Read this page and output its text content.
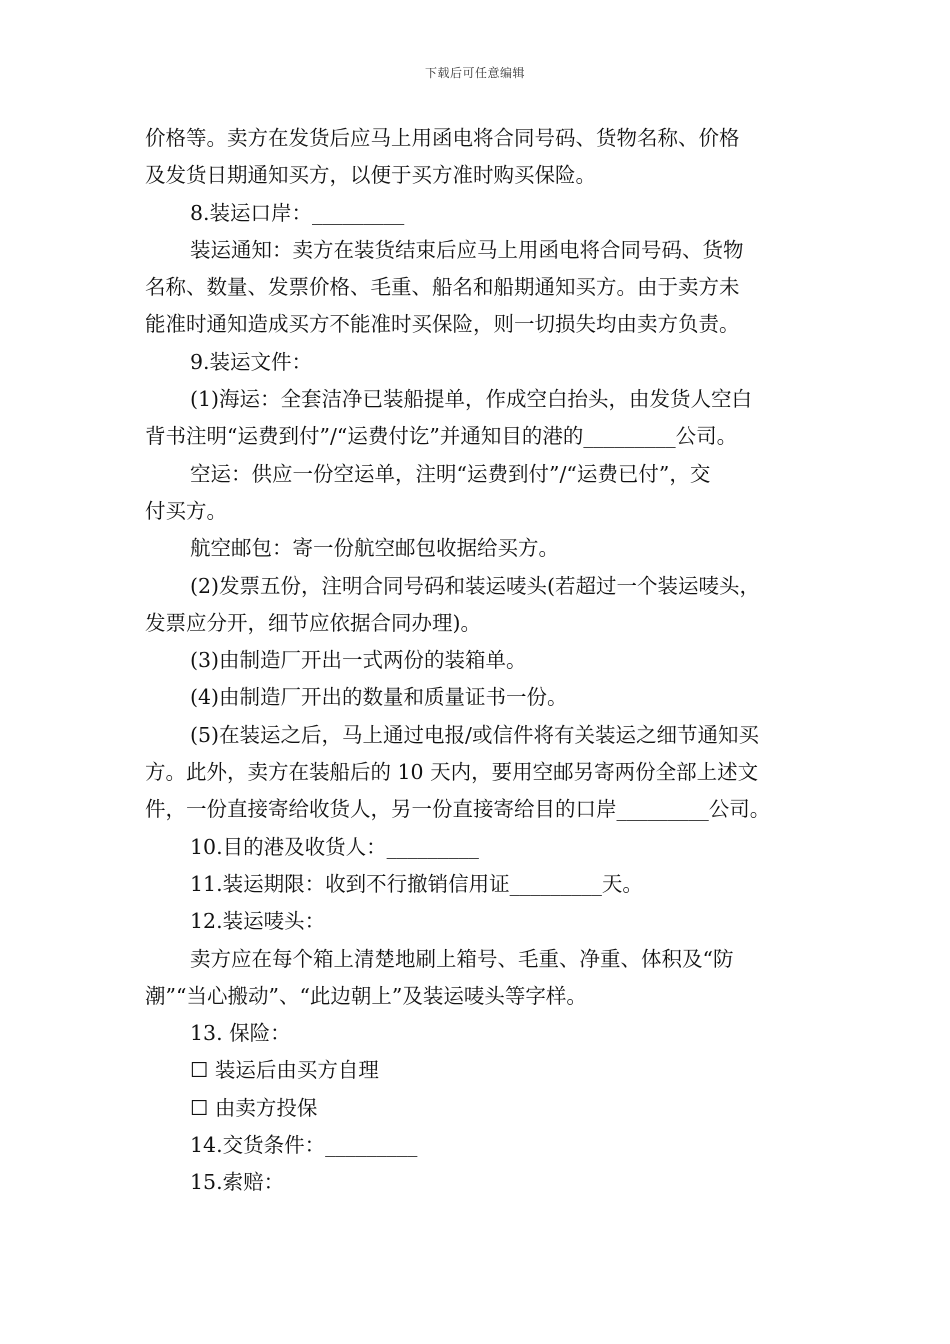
下载后可任意编辑
价格等。卖方在发货后应马上用函电将合同号码、货物名称、价格
及发货日期通知买方，以便于买方准时购买保险。
8.装运口岸：_________
装运通知：卖方在装货结束后应马上用函电将合同号码、货物
名称、数量、发票价格、毛重、船名和船期通知买方。由于卖方未
能准时通知造成买方不能准时买保险，则一切损失均由卖方负责。
9.装运文件：
(1)海运：全套洁净已装船提单，作成空白抬头，由发货人空白
背书注明“运费到付”/“运费付讫”并通知目的港的_________公司。
空运：供应一份空运单，注明“运费到付”/“运费已付”，交
付买方。
航空邮包：寄一份航空邮包收据给买方。
(2)发票五份，注明合同号码和装运唛头(若超过一个装运唛头，
发票应分开，细节应依据合同办理)。
(3)由制造厂开出一式两份的装箱单。
(4)由制造厂开出的数量和质量证书一份。
(5)在装运之后，马上通过电报/或信件将有关装运之细节通知买
方。此外，卖方在装船后的 10 天内，要用空邮另寄两份全部上述文
件，一份直接寄给收货人，另一份直接寄给目的口岸_________公司。
10.目的港及收货人：_________
11.装运期限：收到不行撤销信用证_________天。
12.装运唛头：
卖方应在每个箱上清楚地刷上箱号、毛重、净重、体积及“防
潮”“当心搬动”、“此边朝上”及装运唛头等字样。
13. 保险：
☐ 装运后由买方自理
☐ 由卖方投保
14.交货条件：_________
15.索赔：
